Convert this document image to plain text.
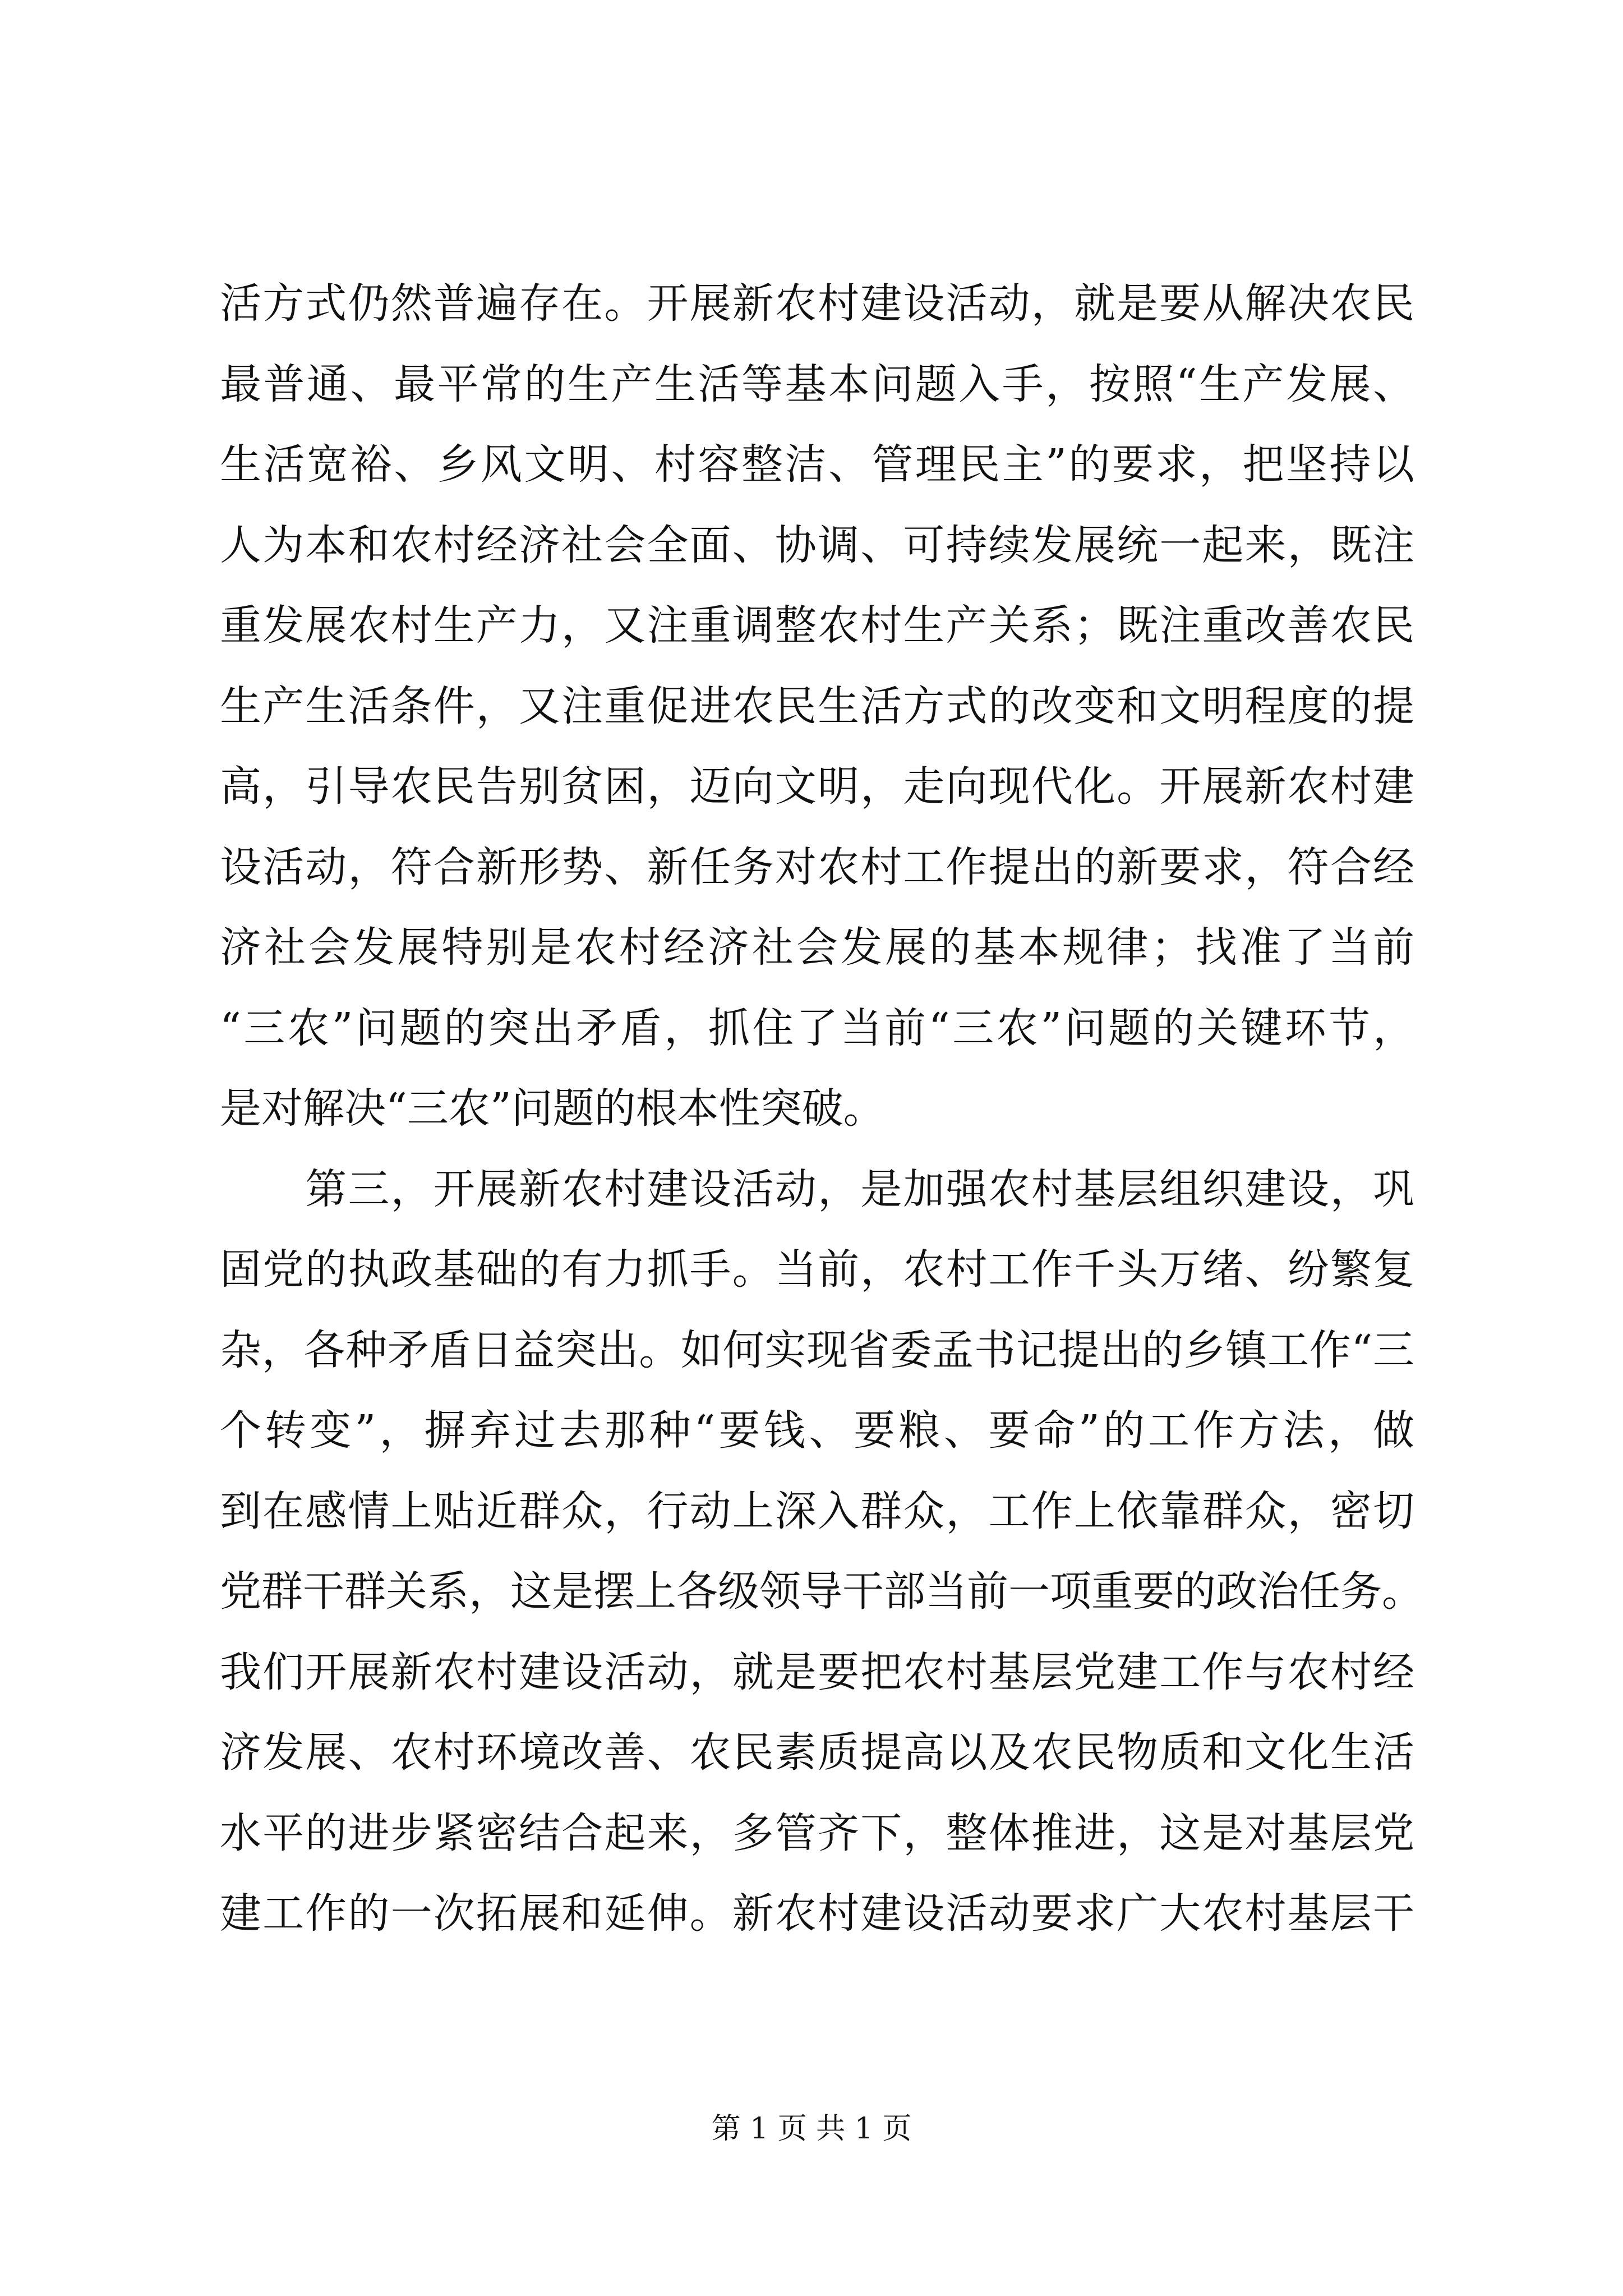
活方式仍然普遍存在。开展新农村建设活动，就是要从解决农民
最普通、最平常的生产生活等基本问题入手，按照“生产发展、
生活宽裕、乡风文明、村容整洁、管理民主”的要求，把坚持以
人为本和农村经济社会全面、协调、可持续发展统一起来，既注
重发展农村生产力，又注重调整农村生产关系；既注重改善农民
生产生活条件，又注重促进农民生活方式的改变和文明程度的提
高，引导农民告别贫困，迈向文明，走向现代化。开展新农村建
设活动，符合新形势、新任务对农村工作提出的新要求，符合经
济社会发展特别是农村经济社会发展的基本规律；找准了当前
“三农”问题的突出矛盾，抓住了当前“三农”问题的关键环节，
是对解决“三农”问题的根本性突破。
　　第三，开展新农村建设活动，是加强农村基层组织建设，巩
固党的执政基础的有力抓手。当前，农村工作千头万绪、纷繁复
杂，各种矛盾日益突出。如何实现省委孟书记提出的乡镇工作“三
个转变”，摒弃过去那种“要钱、要粮、要命”的工作方法，做
到在感情上贴近群众，行动上深入群众，工作上依靠群众，密切
党群干群关系，这是摆上各级领导干部当前一项重要的政治任务。
我们开展新农村建设活动，就是要把农村基层党建工作与农村经
济发展、农村环境改善、农民素质提高以及农民物质和文化生活
水平的进步紧密结合起来，多管齐下，整体推进，这是对基层党
建工作的一次拓展和延伸。新农村建设活动要求广大农村基层干
第 1 页 共 1 页
